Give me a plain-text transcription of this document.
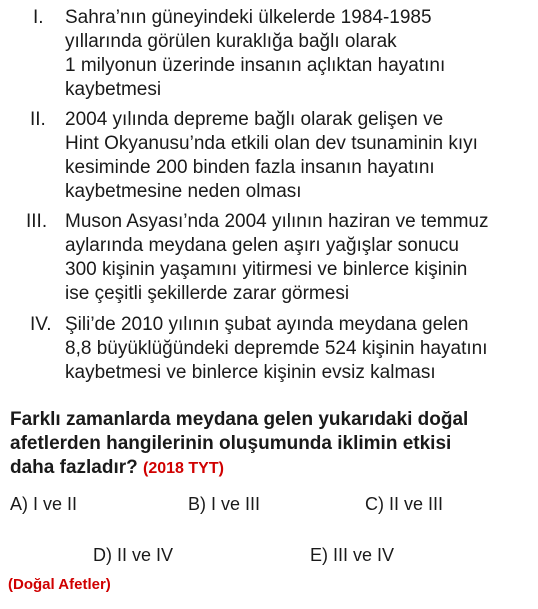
I. Sahra’nın güneyindeki ülkelerde 1984-1985
yıllarında görülen kuraklığa bağlı olarak
1 milyonun üzerinde insanın açlıktan hayatını
kaybetmesi
II. 2004 yılında depreme bağlı olarak gelişen ve
Hint Okyanusu’nda etkili olan dev tsunaminin kıyı
kesiminde 200 binden fazla insanın hayatını
kaybetmesine neden olması
III. Muson Asyası’nda 2004 yılının haziran ve temmuz
aylarında meydana gelen aşırı yağışlar sonucu
300 kişinin yaşamını yitirmesi ve binlerce kişinin
ise çeşitli şekillerde zarar görmesi
IV. Şili’de 2010 yılının şubat ayında meydana gelen
8,8 büyüklüğündeki depremde 524 kişinin hayatını
kaybetmesi ve binlerce kişinin evsiz kalması
Farklı zamanlarda meydana gelen yukarıdaki doğal
afetlerden hangilerinin oluşumunda iklimin etkisi
daha fazladır? (2018 TYT)
A) I ve II	B) I ve III	C) II ve III
D) II ve IV	E) III ve IV
(Doğal Afetler)
